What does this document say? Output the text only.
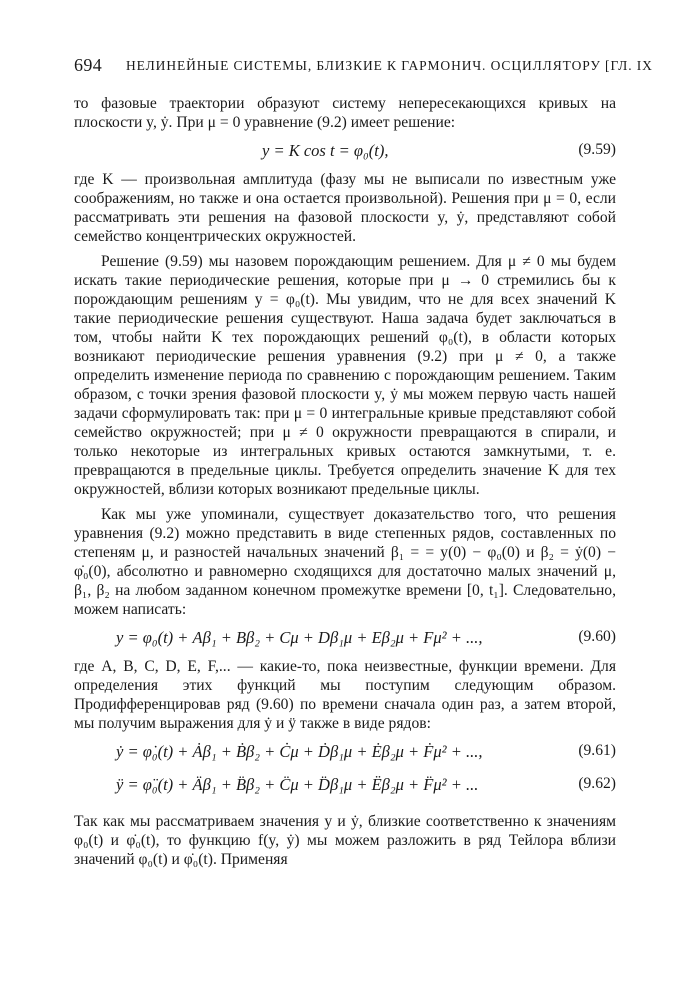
694 НЕЛИНЕЙНЫЕ СИСТЕМЫ, БЛИЗКИЕ К ГАРМОНИЧ. ОСЦИЛЛЯТОРУ [ГЛ. IX

то фазовые траектории образуют систему непересекающихся кривых на плоскости y, ẏ. При μ = 0 уравнение (9.2) имеет решение:

y = K cos t = φ₀(t),	(9.59)

где K — произвольная амплитуда (фазу мы не выписали по известным уже соображениям, но также и она остается произвольной). Решения при μ = 0, если рассматривать эти решения на фазовой плоскости y, ẏ, представляют собой семейство концентрических окружностей.

Решение (9.59) мы назовем порождающим решением. Для μ ≠ 0 мы будем искать такие периодические решения, которые при μ → 0 стремились бы к порождающим решениям y = φ₀(t). Мы увидим, что не для всех значений K такие периодические решения существуют. Наша задача будет заключаться в том, чтобы найти K тех порождающих решений φ₀(t), в области которых возникают периодические решения уравнения (9.2) при μ ≠ 0, а также определить изменение периода по сравнению с порождающим решением. Таким образом, с точки зрения фазовой плоскости y, ẏ мы можем первую часть нашей задачи сформулировать так: при μ = 0 интегральные кривые представляют собой семейство окружностей; при μ ≠ 0 окружности превращаются в спирали, и только некоторые из интегральных кривых остаются замкнутыми, т. е. превращаются в предельные циклы. Требуется определить значение K для тех окружностей, вблизи которых возникают предельные циклы.

Как мы уже упоминали, существует доказательство того, что решения уравнения (9.2) можно представить в виде степенных рядов, составленных по степеням μ, и разностей начальных значений β₁ = = y(0) − φ₀(0) и β₂ = ẏ(0) − φ̇₀(0), абсолютно и равномерно сходящихся для достаточно малых значений μ, β₁, β₂ на любом заданном конечном промежутке времени [0, t₁]. Следовательно, можем написать:

y = φ₀(t) + Aβ₁ + Bβ₂ + Cμ + Dβ₁μ + Eβ₂μ + Fμ² + ...,	(9.60)

где A, B, C, D, E, F,... — какие-то, пока неизвестные, функции времени. Для определения этих функций мы поступим следующим образом. Продифференцировав ряд (9.60) по времени сначала один раз, а затем второй, мы получим выражения для ẏ и ÿ также в виде рядов:

ẏ = φ̇₀(t) + Ȧβ₁ + Ḃβ₂ + Ċμ + Ḋβ₁μ + Ėβ₂μ + Ḟμ² + ...,	(9.61)
ÿ = φ̈₀(t) + Äβ₁ + B̈β₂ + C̈μ + D̈β₁μ + Ëβ₂μ + F̈μ² + ...	(9.62)

Так как мы рассматриваем значения y и ẏ, близкие соответственно к значениям φ₀(t) и φ̇₀(t), то функцию f(y, ẏ) мы можем разложить в ряд Тейлора вблизи значений φ₀(t) и φ̇₀(t). Применяя
